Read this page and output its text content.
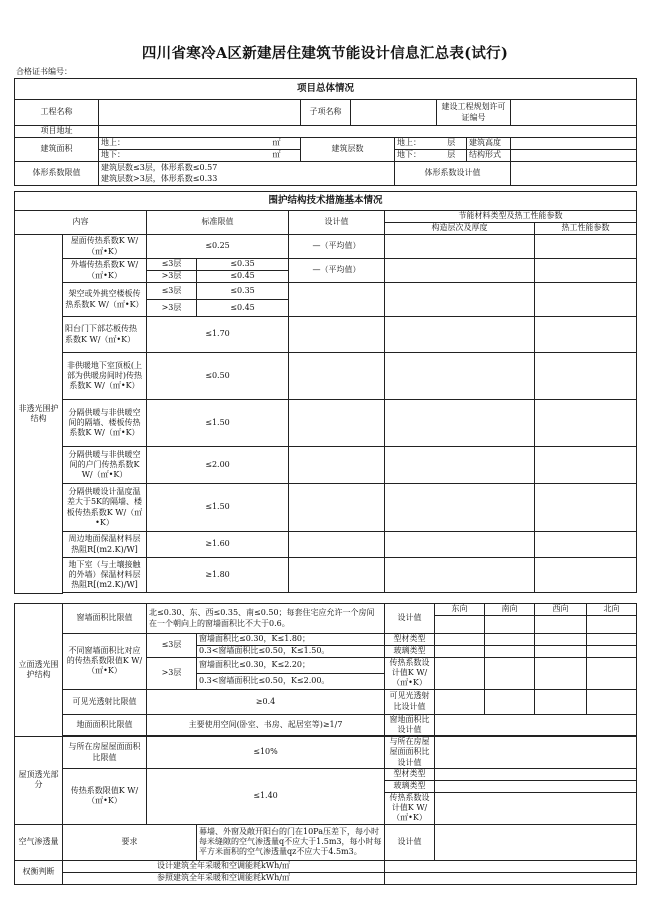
四川省寒冷A区新建居住建筑节能设计信息汇总表(试行)
合格证书编号：
项目总体情况								
工程名称			子项名称			建设工程规划许可证编号		
项目地址								
建筑面积	地上：	㎡	建筑层数		地上：	层	建筑高度	
	地下：	㎡			地下：	层	结构形式	
体形系数限值	建筑层数≤3层，体形系数≤0.57
建筑层数>3层，体形系数≤0.33				体形系数设计值			
围护结构技术措施基本情况						
内容		标准限值		设计值	节能材料类型及热工性能参数	
					构造层次及厚度	热工性能参数
非透光围护结构	屋面传热系数K W/（㎡•K）	≤0.25		—（平均值）		
	外墙传热系数K W/（㎡•K）	≤3层	≤0.35	—（平均值）		
		>3层	≤0.45			
	架空或外挑空楼板传热系数K W/（㎡•K）	≤3层	≤0.35			
		>3层	≤0.45			
	阳台门下部芯板传热系数K W/（㎡•K）	≤1.70				
	非供暖地下室顶板(上部为供暖房间时)传热系数K W/（㎡•K）	≤0.50				
	分隔供暖与非供暖空间的隔墙、楼板传热系数K W/（㎡•K）	≤1.50				
	分隔供暖与非供暖空间的户门传热系数K W/（㎡•K）	≤2.00				
	分隔供暖设计温度温差大于5K的隔墙、楼板传热系数K W/（㎡•K）	≤1.50				
	周边地面保温材料层热阻R[(m2.K)/W]	≥1.60				
	地下室（与土壤接触的外墙）保温材料层热阻R[(m2.K)/W]	≥1.80				

立面透光围护结构	窗墙面积比限值	北≤0.30、东、西≤0.35、南≤0.50；每套住宅应允许一个房间在一个朝向上的窗墙面积比不大于0.6。		设计值	东向	南向	西向	北向

	不同窗墙面积比对应的传热系数限值K W/（㎡•K）	≤3层	窗墙面积比≤0.30，K≤1.80；	型材类型				
			0.3<窗墙面积比≤0.50，K≤1.50。	玻璃类型				
		>3层	窗墙面积比≤0.30，K≤2.20；	传热系数设计值K W/（㎡•K）				
			0.3<窗墙面积比≤0.50，K≤2.00。					
	可见光透射比限值	≥0.4		可见光透射比设计值				
	地面面积比限值	主要使用空间(卧室、书房、起居室等)≥1/7		窗地面积比设计值				

屋顶透光部分	与所在房屋屋面面积比限值	≤10%		与所在房屋屋面面积比设计值				
	传热系数限值K W/（㎡•K）	≤1.40		型材类型				
				玻璃类型				
				传热系数设计值K W/（㎡•K）				
空气渗透量	要求		幕墙、外窗及敞开阳台的门在10Pa压差下，每小时每米缝隙的空气渗透量q不应大于1.5m3，每小时每平方米面积的空气渗透量qz不应大于4.5m3。	设计值				
权衡判断	设计建筑全年采暖和空调能耗kWh/㎡							
	参照建筑全年采暖和空调能耗kWh/㎡							
